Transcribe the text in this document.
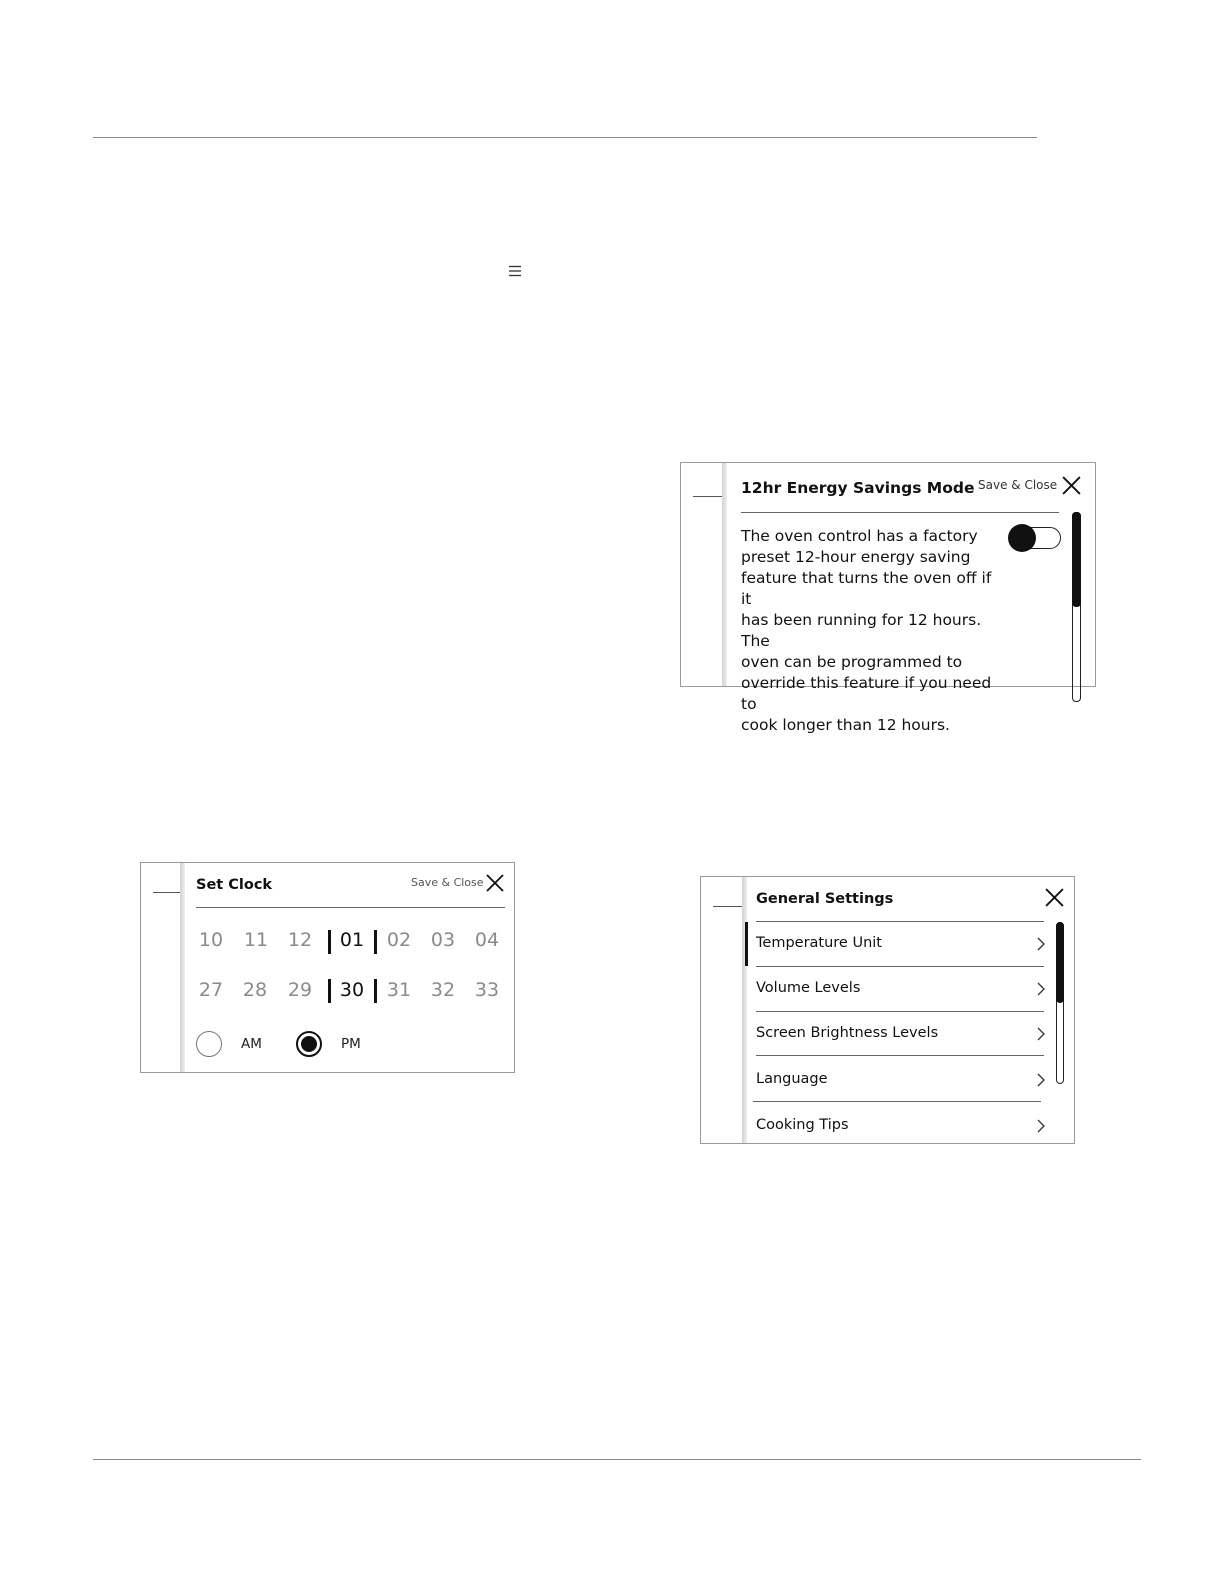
12hr Energy Savings Mode Save & Close
The oven control has a factory
preset 12-hour energy saving
feature that turns the oven off if it
has been running for 12 hours. The
oven can be programmed to
override this feature if you need to
cook longer than 12 hours.
Set Clock	Save & Close
10	11	12	01	02	03	04
27	28	29	30	31	32	33
AM	PM
General Settings
Temperature Unit
Volume Levels
Screen Brightness Levels
Language
Cooking Tips
